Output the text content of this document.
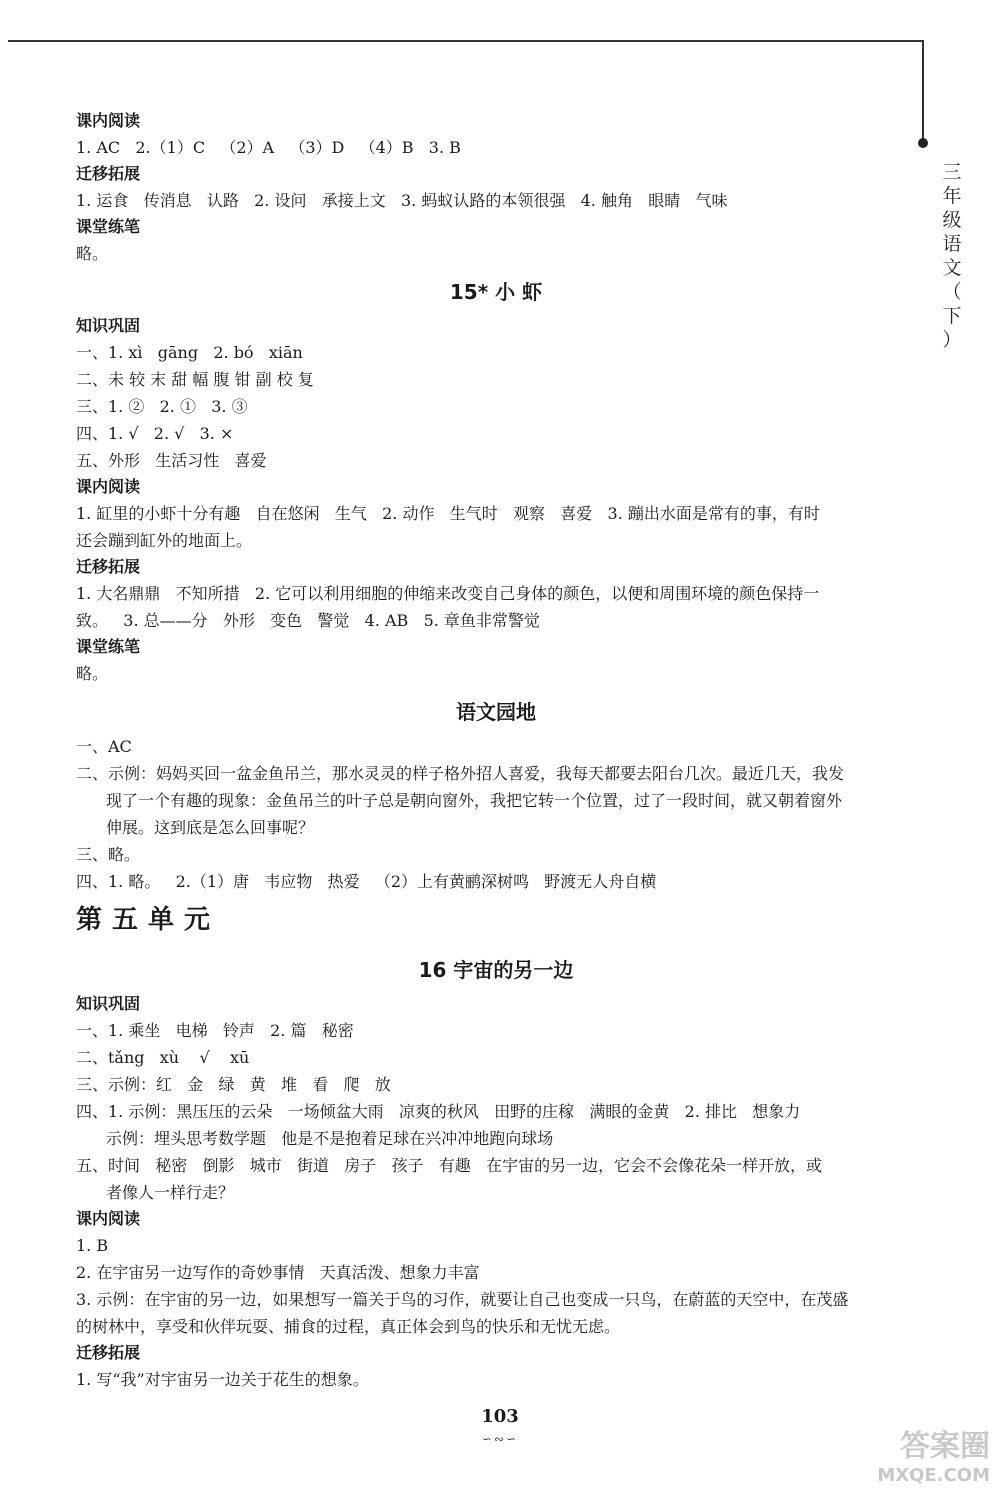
三
年
级
语
文
（
下
）
课内阅读
1. AC   2.（1）C   （2）A   （3）D   （4）B   3. B
迁移拓展
1. 运食   传消息   认路   2. 设问   承接上文   3. 蚂蚁认路的本领很强   4. 触角   眼睛   气味
课堂练笔
略。
15* 小 虾
知识巩固
一、1. xì   gāng   2. bó   xiān
二、未 较 末 甜 幅 腹 钳 副 校 复
三、1. ②   2. ①   3. ③
四、1. √   2. √   3. ×
五、外形   生活习性   喜爱
课内阅读
1. 缸里的小虾十分有趣   自在悠闲   生气   2. 动作   生气时   观察   喜爱   3. 蹦出水面是常有的事，有时
还会蹦到缸外的地面上。
迁移拓展
1. 大名鼎鼎   不知所措   2. 它可以利用细胞的伸缩来改变自己身体的颜色，以便和周围环境的颜色保持一
致。   3. 总——分   外形   变色   警觉   4. AB   5. 章鱼非常警觉
课堂练笔
略。
语文园地
一、AC
二、示例：妈妈买回一盆金鱼吊兰，那水灵灵的样子格外招人喜爱，我每天都要去阳台几次。最近几天，我发
现了一个有趣的现象：金鱼吊兰的叶子总是朝向窗外，我把它转一个位置，过了一段时间，就又朝着窗外
伸展。这到底是怎么回事呢？
三、略。
四、1. 略。   2.（1）唐   韦应物   热爱   （2）上有黄鹂深树鸣   野渡无人舟自横
第五单元
16 宇宙的另一边
知识巩固
一、1. 乘坐   电梯   铃声   2. 篇   秘密
二、tǎng   xù    √    xū
三、示例：红   金   绿   黄   堆   看   爬   放
四、1. 示例：黑压压的云朵   一场倾盆大雨   凉爽的秋风   田野的庄稼   满眼的金黄   2. 排比   想象力
示例：埋头思考数学题   他是不是抱着足球在兴冲冲地跑向球场
五、时间   秘密   倒影   城市   街道   房子   孩子   有趣   在宇宙的另一边，它会不会像花朵一样开放，或
者像人一样行走？
课内阅读
1. B
2. 在宇宙另一边写作的奇妙事情   天真活泼、想象力丰富
3. 示例：在宇宙的另一边，如果想写一篇关于鸟的习作，就要让自己也变成一只鸟，在蔚蓝的天空中，在茂盛
的树林中，享受和伙伴玩耍、捕食的过程，真正体会到鸟的快乐和无忧无虑。
迁移拓展
1. 写“我”对宇宙另一边关于花生的想象。
103
∽∾∽	答案圈
MXQE.COM
